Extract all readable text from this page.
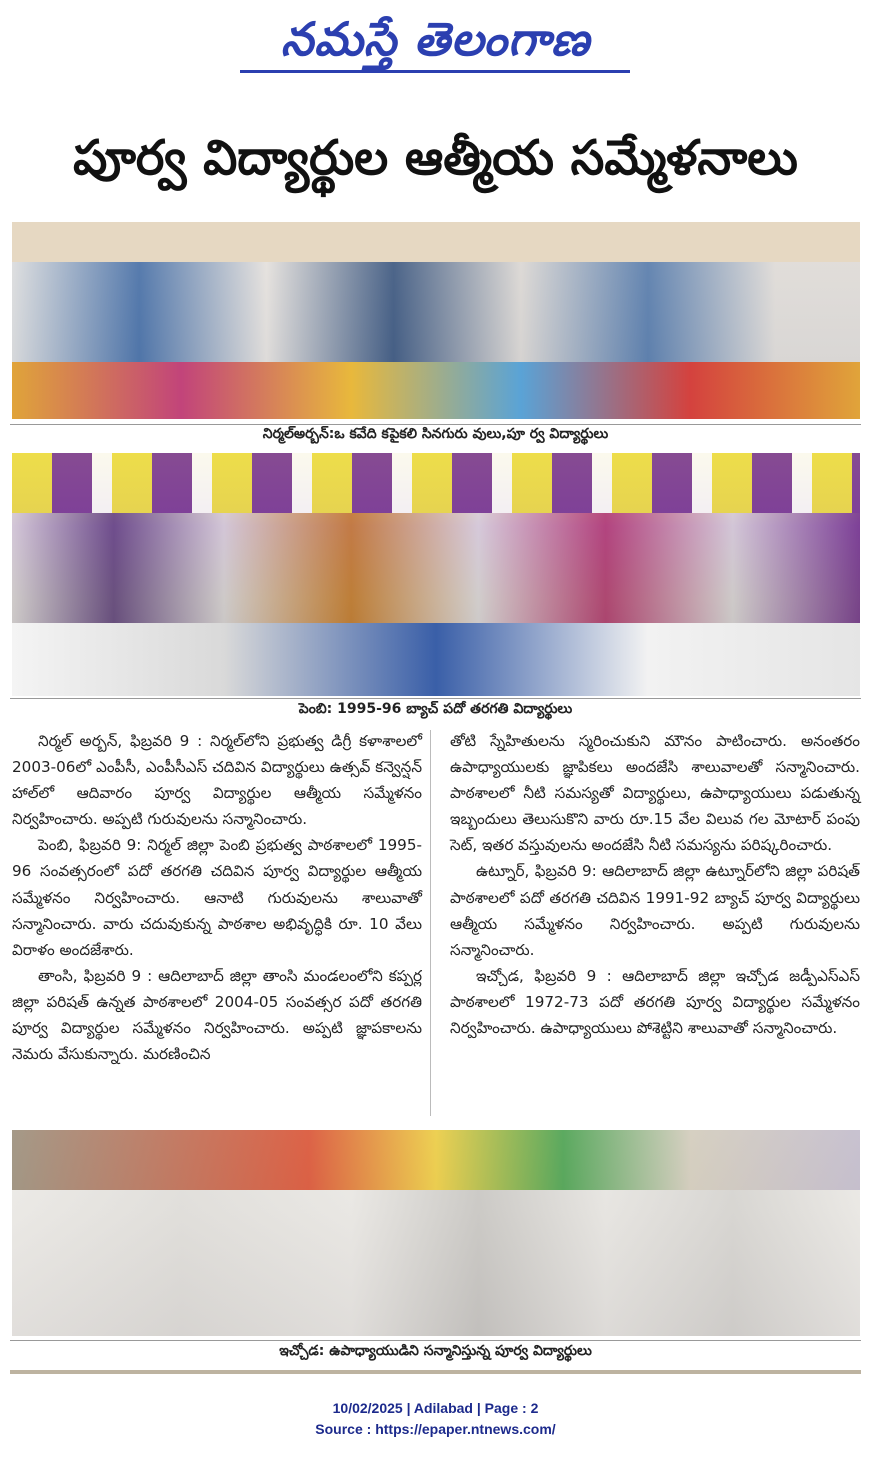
నమస్తే తెలంగాణ
పూర్వ విద్యార్థుల ఆత్మీయ సమ్మేళనాలు
నిర్మల్‌అర్బన్‌:ఒ కవేది కపైకలి సినగురు వులు,పూ ర్వ విద్యార్థులు
పెంబి: 1995-96 బ్యాచ్‌ పదో తరగతి విద్యార్థులు

నిర్మల్‌ అర్బన్‌, ఫిబ్రవరి 9 : నిర్మల్‌లోని ప్రభుత్వ డిగ్రీ కళాశాలలో 2003-06లో ఎంపీసీ, ఎంపీసీఎస్‌ చదివిన విద్యార్థులు ఉత్సవ్‌ కన్వెన్షన్‌ హాల్‌లో ఆదివారం పూర్వ విద్యార్థుల ఆత్మీయ సమ్మేళనం నిర్వహించారు. అప్పటి గురువులను సన్మానించారు.

పెంబి, ఫిబ్రవరి 9: నిర్మల్‌ జిల్లా పెంబి ప్రభుత్వ పాఠశాలలో 1995-96 సంవత్సరంలో పదో తరగతి చదివిన పూర్వ విద్యార్థుల ఆత్మీయ సమ్మేళనం నిర్వహించారు. ఆనాటి గురువులను శాలువాతో సన్మానించారు. వారు చదువుకున్న పాఠశాల అభివృద్ధికి రూ. 10 వేలు విరాళం అందజేశారు.

తాంసి, ఫిబ్రవరి 9 : ఆదిలాబాద్‌ జిల్లా తాంసి మండలంలోని కప్పర్ల జిల్లా పరిషత్‌ ఉన్నత పాఠశాలలో 2004-05 సంవత్సర పదో తరగతి పూర్వ విద్యార్థుల సమ్మేళనం నిర్వహించారు. అప్పటి జ్ఞాపకాలను నెమరు వేసుకున్నారు. మరణించిన

తోటి స్నేహితులను స్మరించుకుని మౌనం పాటించారు. అనంతరం ఉపాధ్యాయులకు జ్ఞాపికలు అందజేసి శాలువాలతో సన్మానించారు. పాఠశాలలో నీటి సమస్యతో విద్యార్థులు, ఉపాధ్యాయులు పడుతున్న ఇబ్బందులు తెలుసుకొని వారు రూ.15 వేల విలువ గల మోటార్‌ పంపు సెట్‌, ఇతర వస్తువులను అందజేసి నీటి సమస్యను పరిష్కరించారు.

ఉట్నూర్‌, ఫిబ్రవరి 9: ఆదిలాబాద్‌ జిల్లా ఉట్నూర్‌లోని జిల్లా పరిషత్‌ పాఠశాలలో పదో తరగతి చదివిన 1991-92 బ్యాచ్‌ పూర్వ విద్యార్థులు ఆత్మీయ సమ్మేళనం నిర్వహించారు. అప్పటి గురువులను సన్మానించారు.

ఇచ్చోడ, ఫిబ్రవరి 9 : ఆదిలాబాద్‌ జిల్లా ఇచ్చోడ జడ్పీఎస్‌ఎస్‌ పాఠశాలలో 1972-73 పదో తరగతి పూర్వ విద్యార్థుల సమ్మేళనం నిర్వహించారు. ఉపాధ్యాయులు పోశెట్టిని శాలువాతో సన్మానించారు.

ఇచ్చోడ: ఉపాధ్యాయుడిని సన్మానిస్తున్న పూర్వ విద్యార్థులు
10/02/2025 | Adilabad | Page : 2
Source : https://epaper.ntnews.com/
